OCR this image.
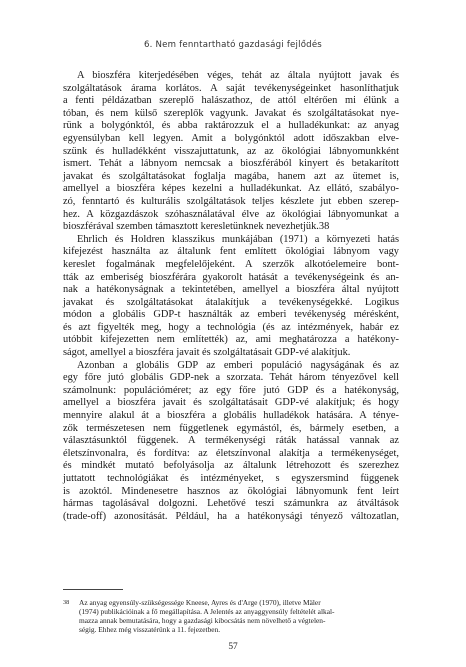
6. Nem fenntartható gazdasági fejlődés

A bioszféra kiterjedésében véges, tehát az általa nyújtott javak és
szolgáltatások árama korlátos. A saját tevékenységeinket hasonlíthatjuk
a fenti példázatban szereplő halászathoz, de attól eltérően mi élünk a
tóban, és nem külső szereplők vagyunk. Javakat és szolgáltatásokat nye-
rünk a bolygónktól, és abba raktározzuk el a hulladékunkat: az anyag
egyensúlyban kell legyen. Amit a bolygónktól adott időszakban elve-
szünk és hulladékként visszajuttatunk, az az ökológiai lábnyomunkként
ismert. Tehát a lábnyom nemcsak a bioszférából kinyert és betakarított
javakat és szolgáltatásokat foglalja magába, hanem azt az ütemet is,
amellyel a bioszféra képes kezelni a hulladékunkat. Az ellátó, szabályo-
zó, fenntartó és kulturális szolgáltatások teljes készlete jut ebben szerep-
hez. A közgazdászok szóhasználatával élve az ökológiai lábnyomunkat a
bioszférával szemben támasztott keresletünknek nevezhetjük.38

Ehrlich és Holdren klasszikus munkájában (1971) a környezeti hatás
kifejezést használta az általunk fent említett ökológiai lábnyom vagy
kereslet fogalmának megfelelőjeként. A szerzők alkotóelemeire bont-
tták az emberiség bioszférára gyakorolt hatását a tevékenységeink és an-
nak a hatékonyságnak a tekintetében, amellyel a bioszféra által nyújtott
javakat és szolgáltatásokat átalakítjuk a tevékenységekké. Logikus
módon a globális GDP-t használták az emberi tevékenység mérésként,
és azt figyelték meg, hogy a technológia (és az intézmények, habár ez
utóbbit kifejezetten nem említették) az, ami meghatározza a hatékony-
ságot, amellyel a bioszféra javait és szolgáltatásait GDP-vé alakítjuk.

Azonban a globális GDP az emberi populáció nagyságának és az
egy főre jutó globális GDP-nek a szorzata. Tehát három tényezővel kell
számolnunk: populációméret; az egy főre jutó GDP és a hatékonyság,
amellyel a bioszféra javait és szolgáltatásait GDP-vé alakítjuk; és hogy
mennyire alakul át a bioszféra a globális hulladékok hatására. A ténye-
zők természetesen nem függetlenek egymástól, és, bármely esetben, a
választásunktól függenek. A termékenységi ráták hatással vannak az
életszínvonalra, és fordítva: az életszínvonal alakítja a termékenységet,
és mindkét mutató befolyásolja az általunk létrehozott és szerezhez
juttatott technológiákat és intézményeket, s egyszersmind függenek
is azoktól. Mindenesetre hasznos az ökológiai lábnyomunk fent leírt
hármas tagolásával dolgozni. Lehetővé teszi számunkra az átváltások
(trade-off) azonosítását. Például, ha a hatékonysági tényező változatlan,

38 Az anyag egyensúly-szükségessége Kneese, Ayres és d'Arge (1970), illetve Mäler
(1974) publikációinak a fő megállapítása. A Jelentés az anyaggyensúly feltételét alkal-
mazza annak bemutatására, hogy a gazdasági kibocsátás nem növelhető a végtelen-
ségig. Ehhez még visszatérünk a 11. fejezetben.
57
